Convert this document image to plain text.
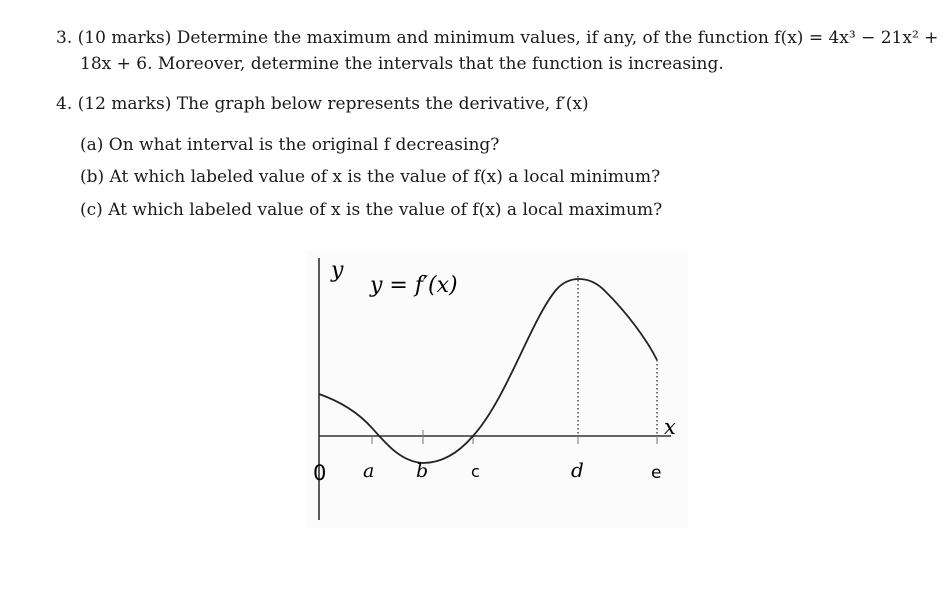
3. (10 marks) Determine the maximum and minimum values, if any, of the function f(x) = 4x³ − 21x² +
18x + 6. Moreover, determine the intervals that the function is increasing.
4. (12 marks) The graph below represents the derivative, f′(x)
(a) On what interval is the original f decreasing?
(b) At which labeled value of x is the value of f(x) a local minimum?
(c) At which labeled value of x is the value of f(x) a local maximum?
y
y = f′(x)
x
0 a b	c	d	e
